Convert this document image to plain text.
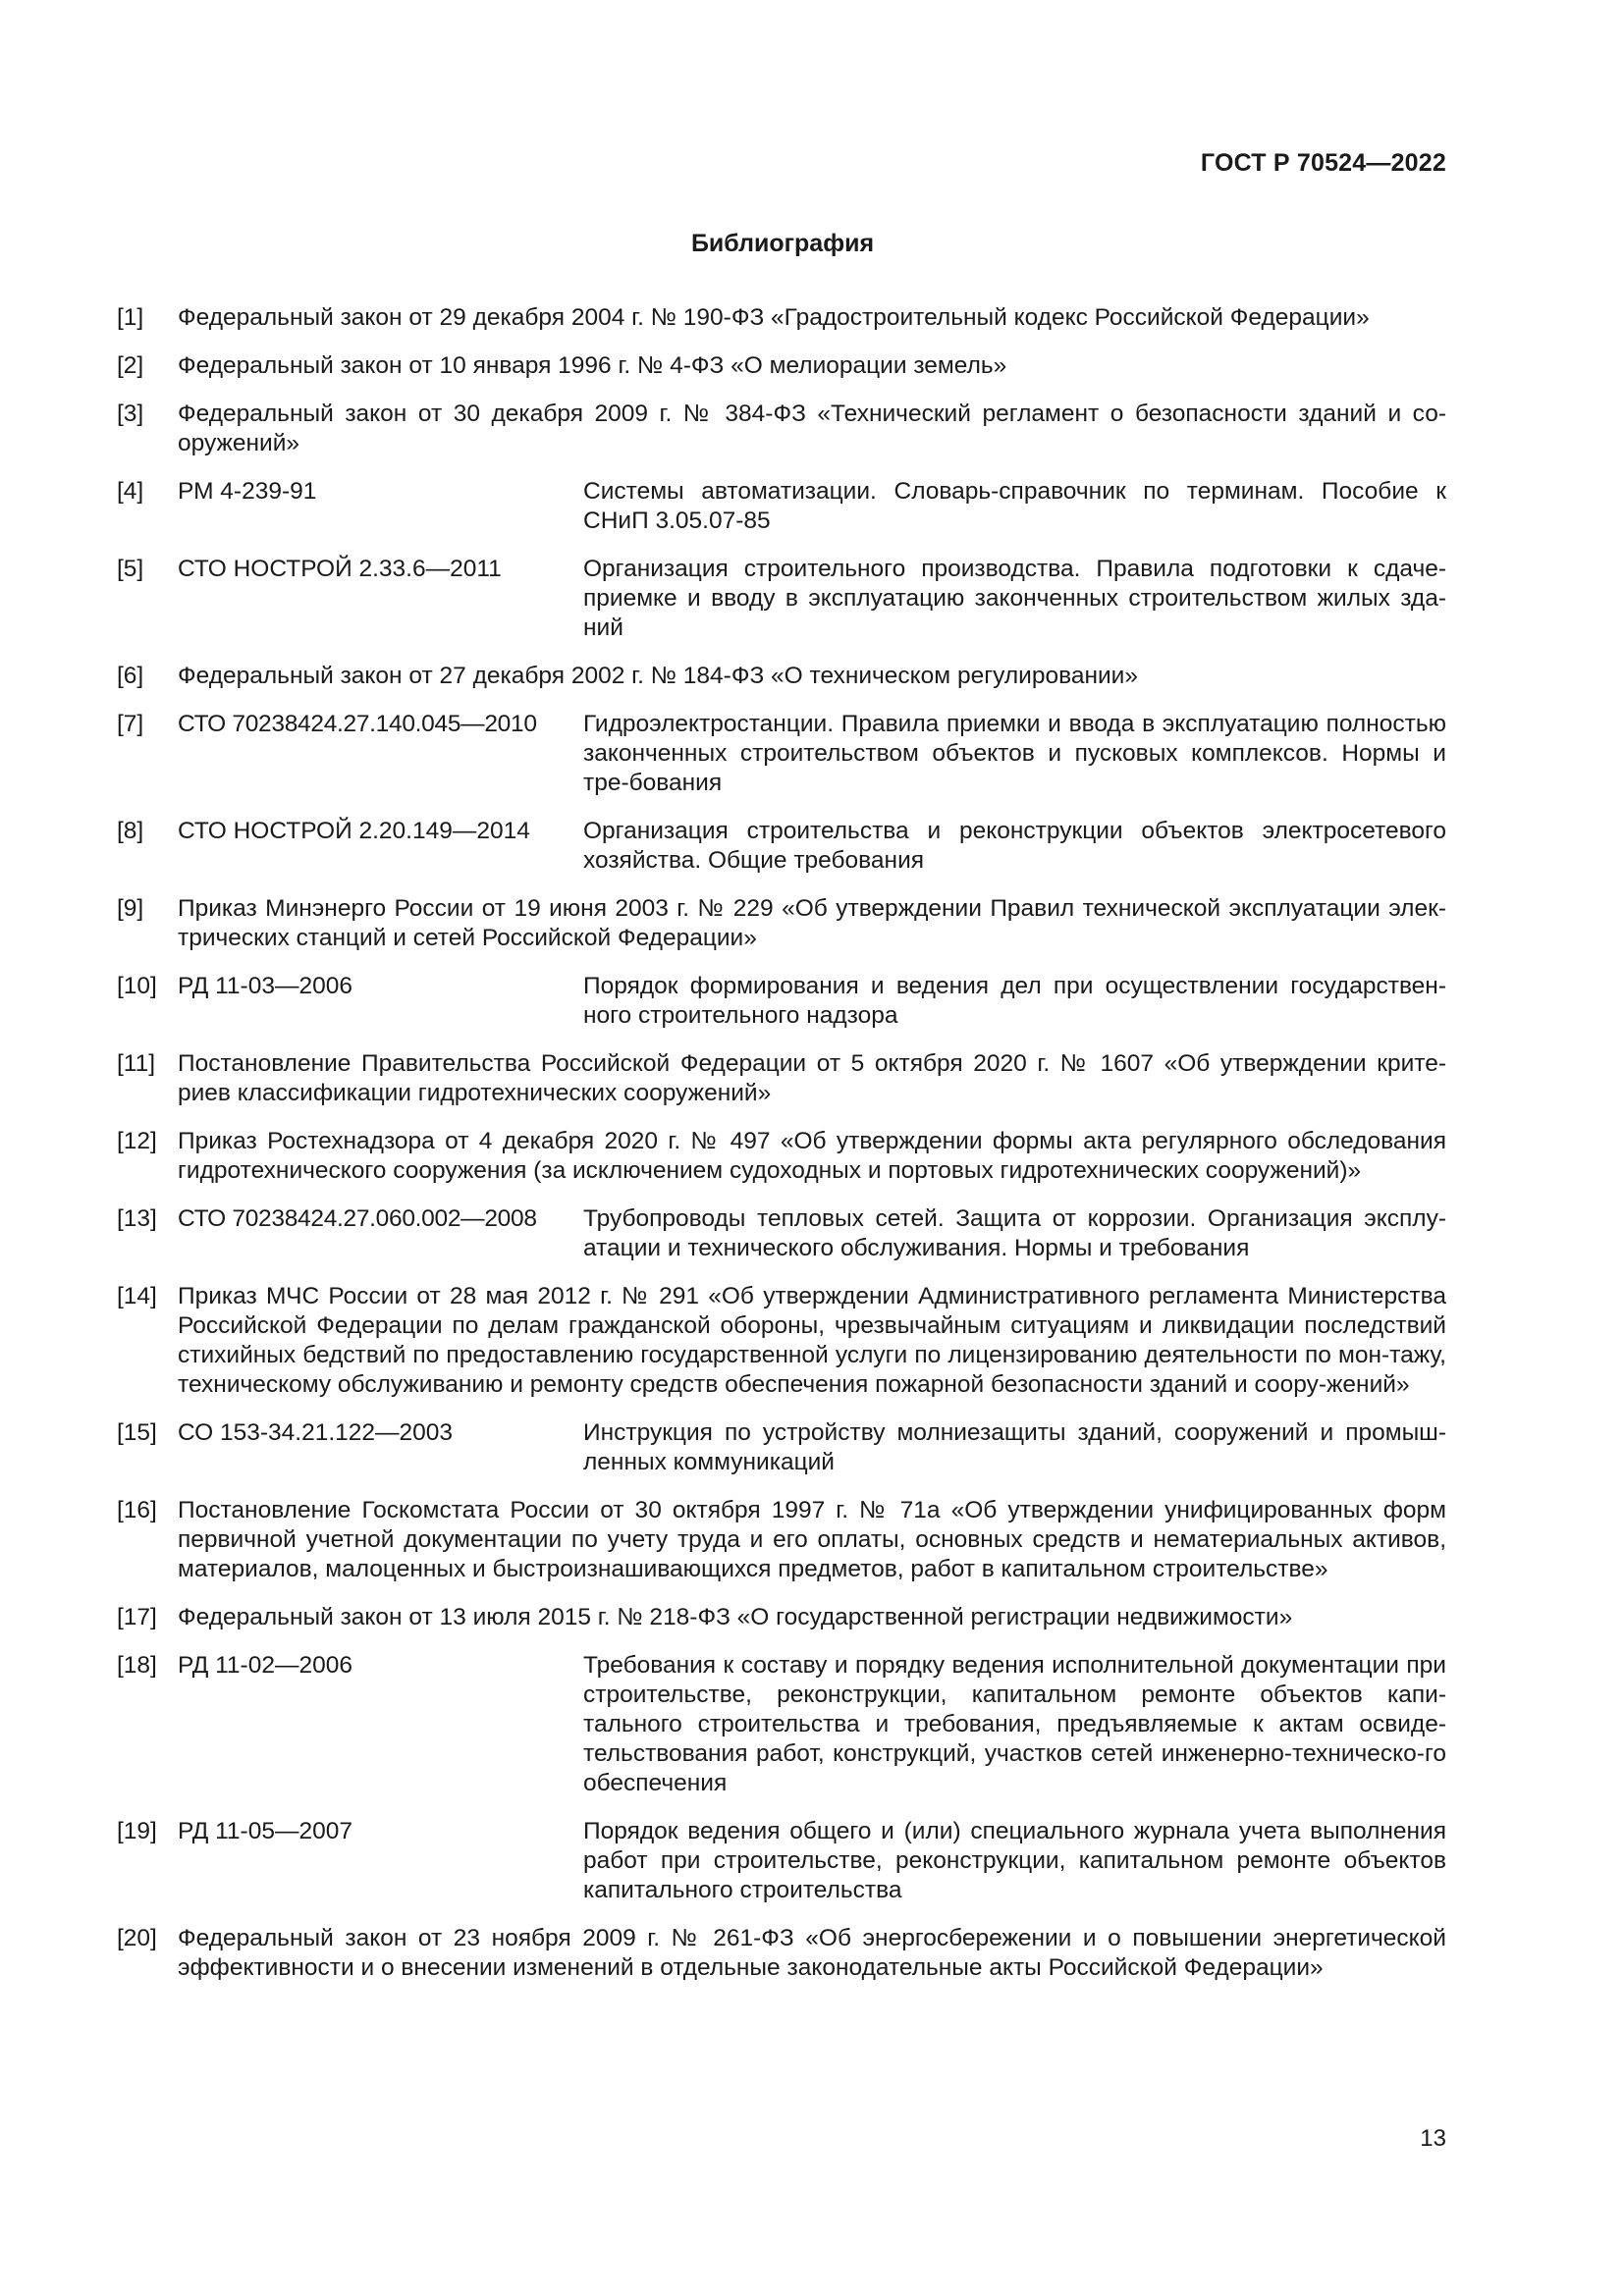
ГОСТ Р 70524—2022
Библиография
[1] Федеральный закон от 29 декабря 2004 г. № 190-ФЗ «Градостроительный кодекс Российской Федерации»
[2] Федеральный закон от 10 января 1996 г. № 4-ФЗ «О мелиорации земель»
[3] Федеральный закон от 30 декабря 2009 г. № 384-ФЗ «Технический регламент о безопасности зданий и со-оружений»
[4] РМ 4-239-91	Системы автоматизации. Словарь-справочник по терминам. Пособие к СНиП 3.05.07-85
[5] СТО НОСТРОЙ 2.33.6—2011	Организация строительного производства. Правила подготовки к сдаче-приемке и вводу в эксплуатацию законченных строительством жилых зда-ний
[6] Федеральный закон от 27 декабря 2002 г. № 184-ФЗ «О техническом регулировании»
[7] СТО 70238424.27.140.045—2010	Гидроэлектростанции. Правила приемки и ввода в эксплуатацию полностью законченных строительством объектов и пусковых комплексов. Нормы и тре-бования
[8] СТО НОСТРОЙ 2.20.149—2014	Организация строительства и реконструкции объектов электросетевого хозяйства. Общие требования
[9] Приказ Минэнерго России от 19 июня 2003 г. № 229 «Об утверждении Правил технической эксплуатации элек-трических станций и сетей Российской Федерации»
[10] РД 11-03—2006	Порядок формирования и ведения дел при осуществлении государствен-ного строительного надзора
[11] Постановление Правительства Российской Федерации от 5 октября 2020 г. № 1607 «Об утверждении крите-риев классификации гидротехнических сооружений»
[12] Приказ Ростехнадзора от 4 декабря 2020 г. № 497 «Об утверждении формы акта регулярного обследования гидротехнического сооружения (за исключением судоходных и портовых гидротехнических сооружений)»
[13] СТО 70238424.27.060.002—2008	Трубопроводы тепловых сетей. Защита от коррозии. Организация эксплу-атации и технического обслуживания. Нормы и требования
[14] Приказ МЧС России от 28 мая 2012 г. № 291 «Об утверждении Административного регламента Министерства Российской Федерации по делам гражданской обороны, чрезвычайным ситуациям и ликвидации последствий стихийных бедствий по предоставлению государственной услуги по лицензированию деятельности по мон-тажу, техническому обслуживанию и ремонту средств обеспечения пожарной безопасности зданий и соору-жений»
[15] СО 153-34.21.122—2003	Инструкция по устройству молниезащиты зданий, сооружений и промыш-ленных коммуникаций
[16] Постановление Госкомстата России от 30 октября 1997 г. № 71а «Об утверждении унифицированных форм первичной учетной документации по учету труда и его оплаты, основных средств и нематериальных активов, материалов, малоценных и быстроизнашивающихся предметов, работ в капитальном строительстве»
[17] Федеральный закон от 13 июля 2015 г. № 218-ФЗ «О государственной регистрации недвижимости»
[18] РД 11-02—2006	Требования к составу и порядку ведения исполнительной документации при строительстве, реконструкции, капитальном ремонте объектов капи-тального строительства и требования, предъявляемые к актам освиде-тельствования работ, конструкций, участков сетей инженерно-техническо-го обеспечения
[19] РД 11-05—2007	Порядок ведения общего и (или) специального журнала учета выполнения работ при строительстве, реконструкции, капитальном ремонте объектов капитального строительства
[20] Федеральный закон от 23 ноября 2009 г. № 261-ФЗ «Об энергосбережении и о повышении энергетической эффективности и о внесении изменений в отдельные законодательные акты Российской Федерации»
13
